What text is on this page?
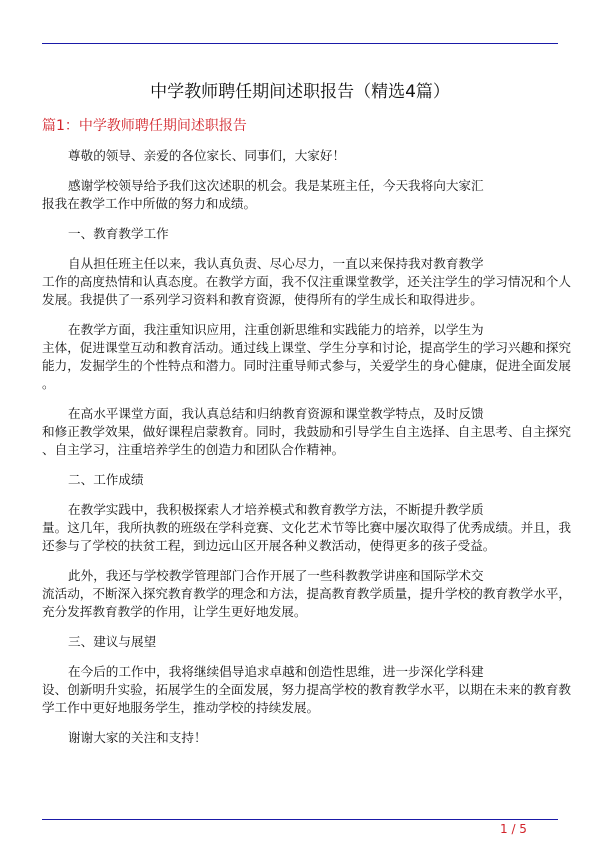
中学教师聘任期间述职报告（精选4篇）
篇1：中学教师聘任期间述职报告
尊敬的领导、亲爱的各位家长、同事们，大家好！
感谢学校领导给予我们这次述职的机会。我是某班主任，今天我将向大家汇
报我在教学工作中所做的努力和成绩。
一、教育教学工作
自从担任班主任以来，我认真负责、尽心尽力，一直以来保持我对教育教学
工作的高度热情和认真态度。在教学方面，我不仅注重课堂教学，还关注学生的学习情况和个人
发展。我提供了一系列学习资料和教育资源，使得所有的学生成长和取得进步。
在教学方面，我注重知识应用，注重创新思维和实践能力的培养，以学生为
主体，促进课堂互动和教育活动。通过线上课堂、学生分享和讨论，提高学生的学习兴趣和探究
能力，发掘学生的个性特点和潜力。同时注重导师式参与，关爱学生的身心健康，促进全面发展
。
在高水平课堂方面，我认真总结和归纳教育资源和课堂教学特点，及时反馈
和修正教学效果，做好课程启蒙教育。同时，我鼓励和引导学生自主选择、自主思考、自主探究
、自主学习，注重培养学生的创造力和团队合作精神。
二、工作成绩
在教学实践中，我积极探索人才培养模式和教育教学方法，不断提升教学质
量。这几年，我所执教的班级在学科竞赛、文化艺术节等比赛中屡次取得了优秀成绩。并且，我
还参与了学校的扶贫工程，到边远山区开展各种义教活动，使得更多的孩子受益。
此外，我还与学校教学管理部门合作开展了一些科教教学讲座和国际学术交
流活动，不断深入探究教育教学的理念和方法，提高教育教学质量，提升学校的教育教学水平，
充分发挥教育教学的作用，让学生更好地发展。
三、建议与展望
在今后的工作中，我将继续倡导追求卓越和创造性思维，进一步深化学科建
设、创新明升实验，拓展学生的全面发展，努力提高学校的教育教学水平，以期在未来的教育教
学工作中更好地服务学生，推动学校的持续发展。
谢谢大家的关注和支持！
1 / 5
